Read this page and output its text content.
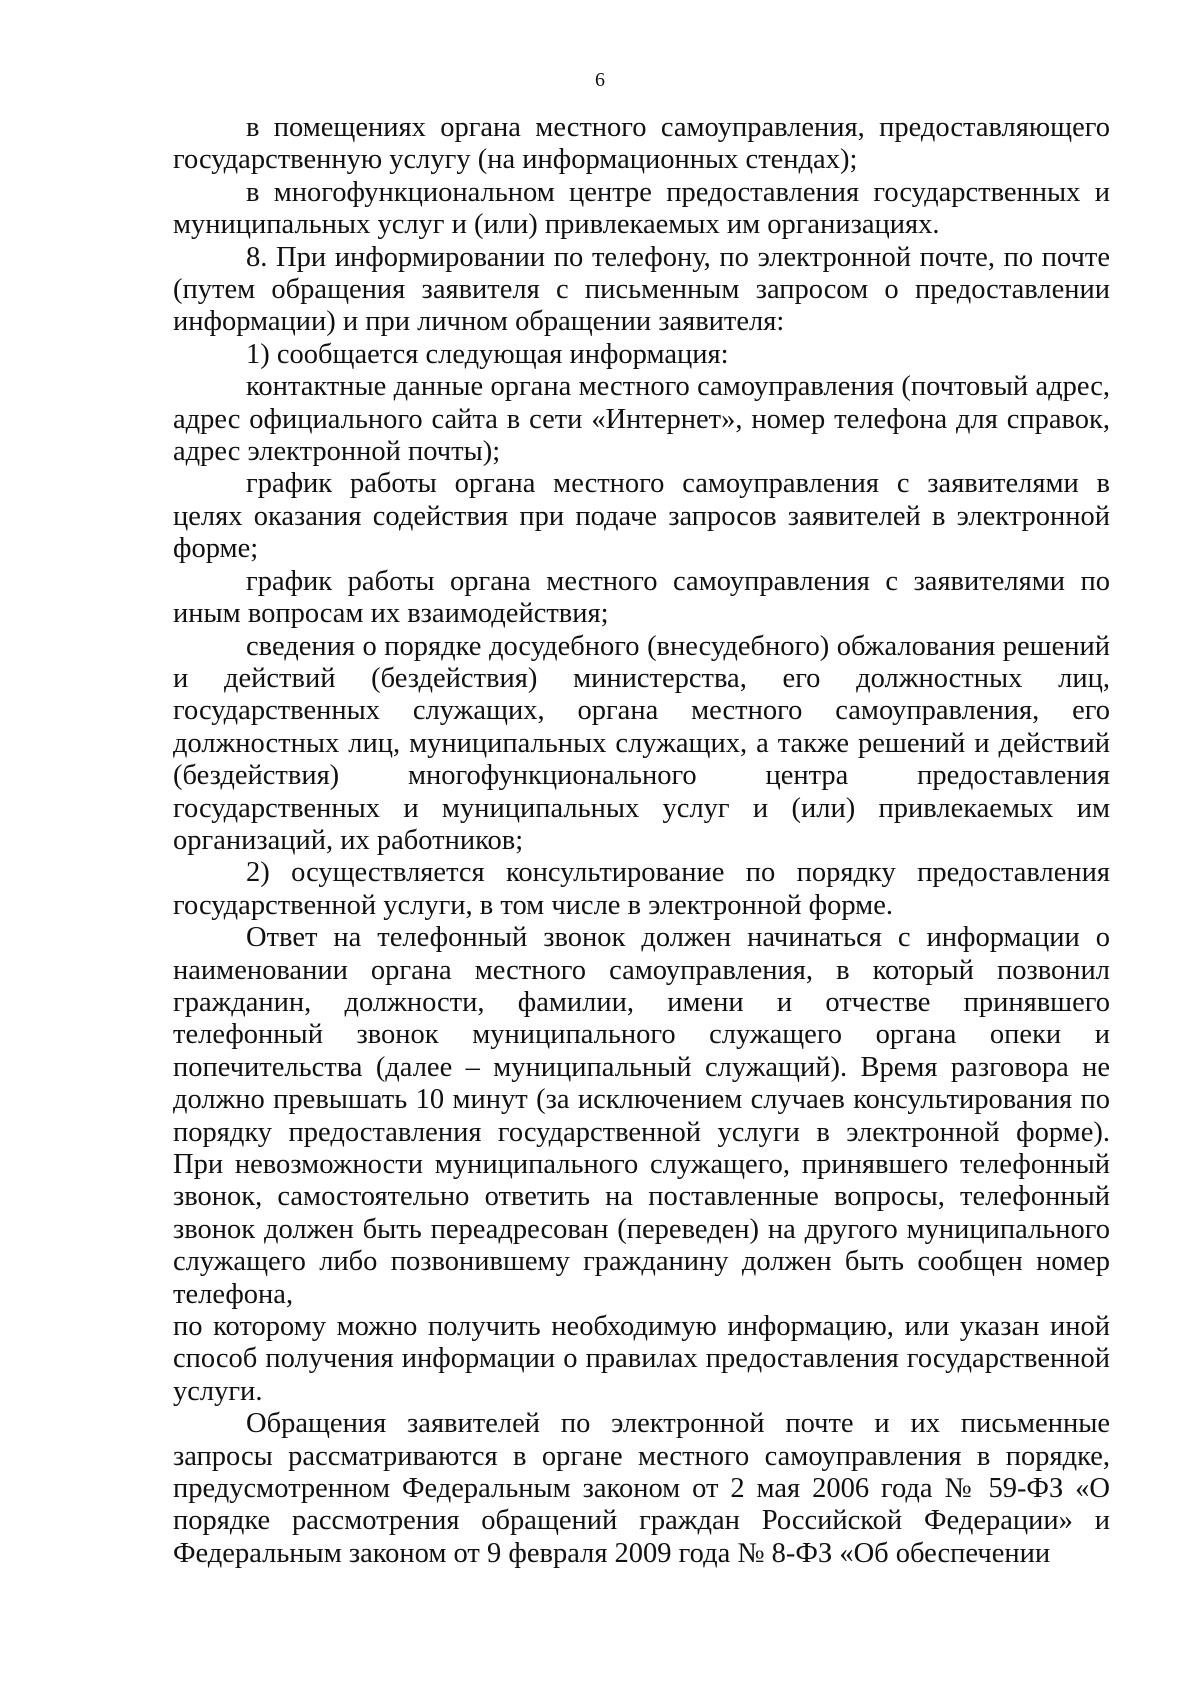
6

в помещениях органа местного самоуправления, предоставляющего государственную услугу (на информационных стендах);

в многофункциональном центре предоставления государственных и муниципальных услуг и (или) привлекаемых им организациях.

8. При информировании по телефону, по электронной почте, по почте (путем обращения заявителя с письменным запросом о предоставлении информации) и при личном обращении заявителя:

1) сообщается следующая информация:

контактные данные органа местного самоуправления (почтовый адрес, адрес официального сайта в сети «Интернет», номер телефона для справок, адрес электронной почты);

график работы органа местного самоуправления с заявителями в целях оказания содействия при подаче запросов заявителей в электронной форме;

график работы органа местного самоуправления с заявителями по иным вопросам их взаимодействия;

сведения о порядке досудебного (внесудебного) обжалования решений и действий (бездействия) министерства, его должностных лиц, государственных служащих, органа местного самоуправления, его должностных лиц, муниципальных служащих, а также решений и действий (бездействия) многофункционального центра предоставления государственных и муниципальных услуг и (или) привлекаемых им организаций, их работников;

2) осуществляется консультирование по порядку предоставления государственной услуги, в том числе в электронной форме.

Ответ на телефонный звонок должен начинаться с информации о наименовании органа местного самоуправления, в который позвонил гражданин, должности, фамилии, имени и отчестве принявшего телефонный звонок муниципального служащего органа опеки и попечительства (далее – муниципальный служащий). Время разговора не должно превышать 10 минут (за исключением случаев консультирования по порядку предоставления государственной услуги в электронной форме). При невозможности муниципального служащего, принявшего телефонный звонок, самостоятельно ответить на поставленные вопросы, телефонный звонок должен быть переадресован (переведен) на другого муниципального служащего либо позвонившему гражданину должен быть сообщен номер телефона,

по которому можно получить необходимую информацию, или указан иной способ получения информации о правилах предоставления государственной услуги.

Обращения заявителей по электронной почте и их письменные запросы рассматриваются в органе местного самоуправления в порядке, предусмотренном Федеральным законом от 2 мая 2006 года № 59-ФЗ «О порядке рассмотрения обращений граждан Российской Федерации» и Федеральным законом от 9 февраля 2009 года № 8-ФЗ «Об обеспечении
